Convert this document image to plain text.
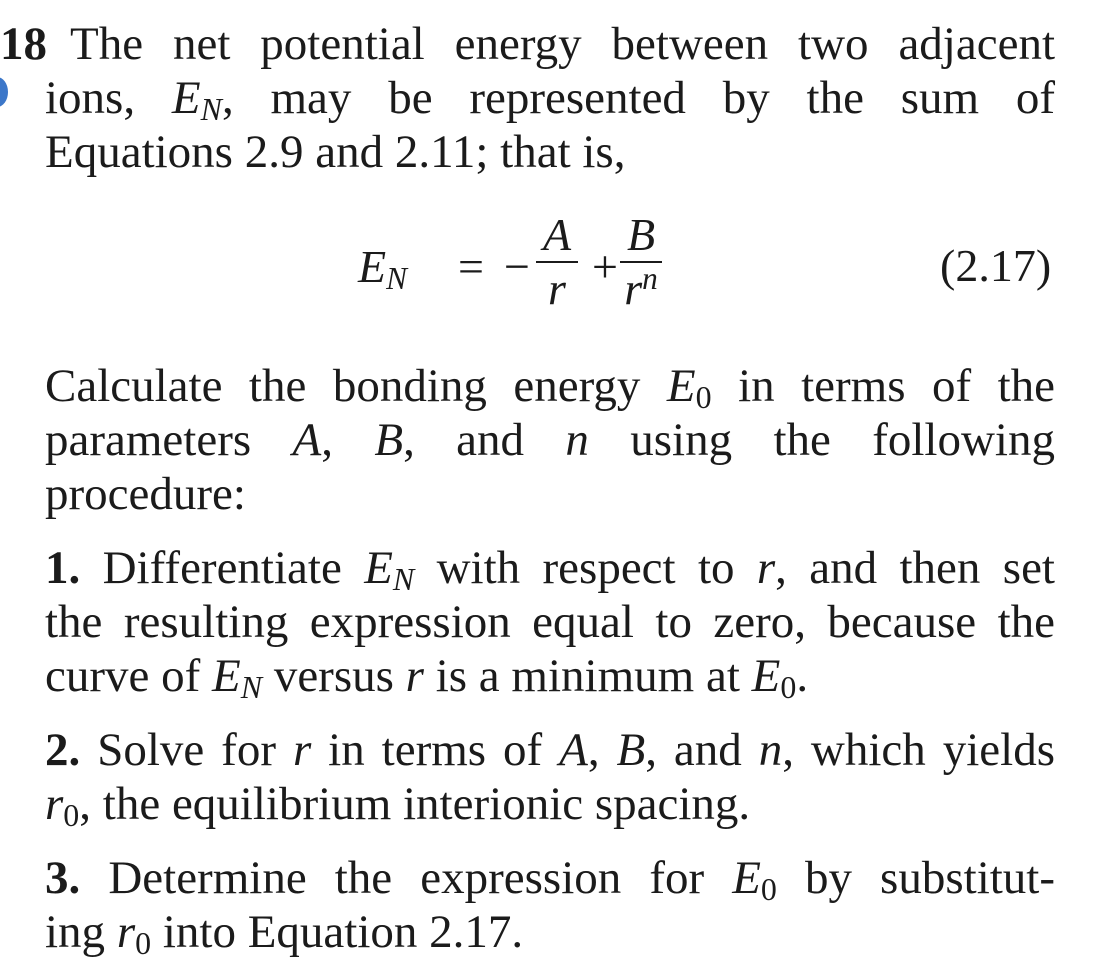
18 The net potential energy between two adjacent
ions, $E_N$, may be represented by the sum of
Equations 2.9 and 2.11; that is,
$E_N$ = −
A
r +
B
$r^n$	(2.17)
Calculate the bonding energy $E_0$ in terms of the
parameters A, B, and n using the following
procedure:
1. Differentiate $E_N$ with respect to r, and then set
the resulting expression equal to zero, because the
curve of $E_N$ versus r is a minimum at $E_0$.
2. Solve for r in terms of A, B, and n, which yields
$r_0$, the equilibrium interionic spacing.
3. Determine the expression for $E_0$ by substitut-
ing $r_0$ into Equation 2.17.
